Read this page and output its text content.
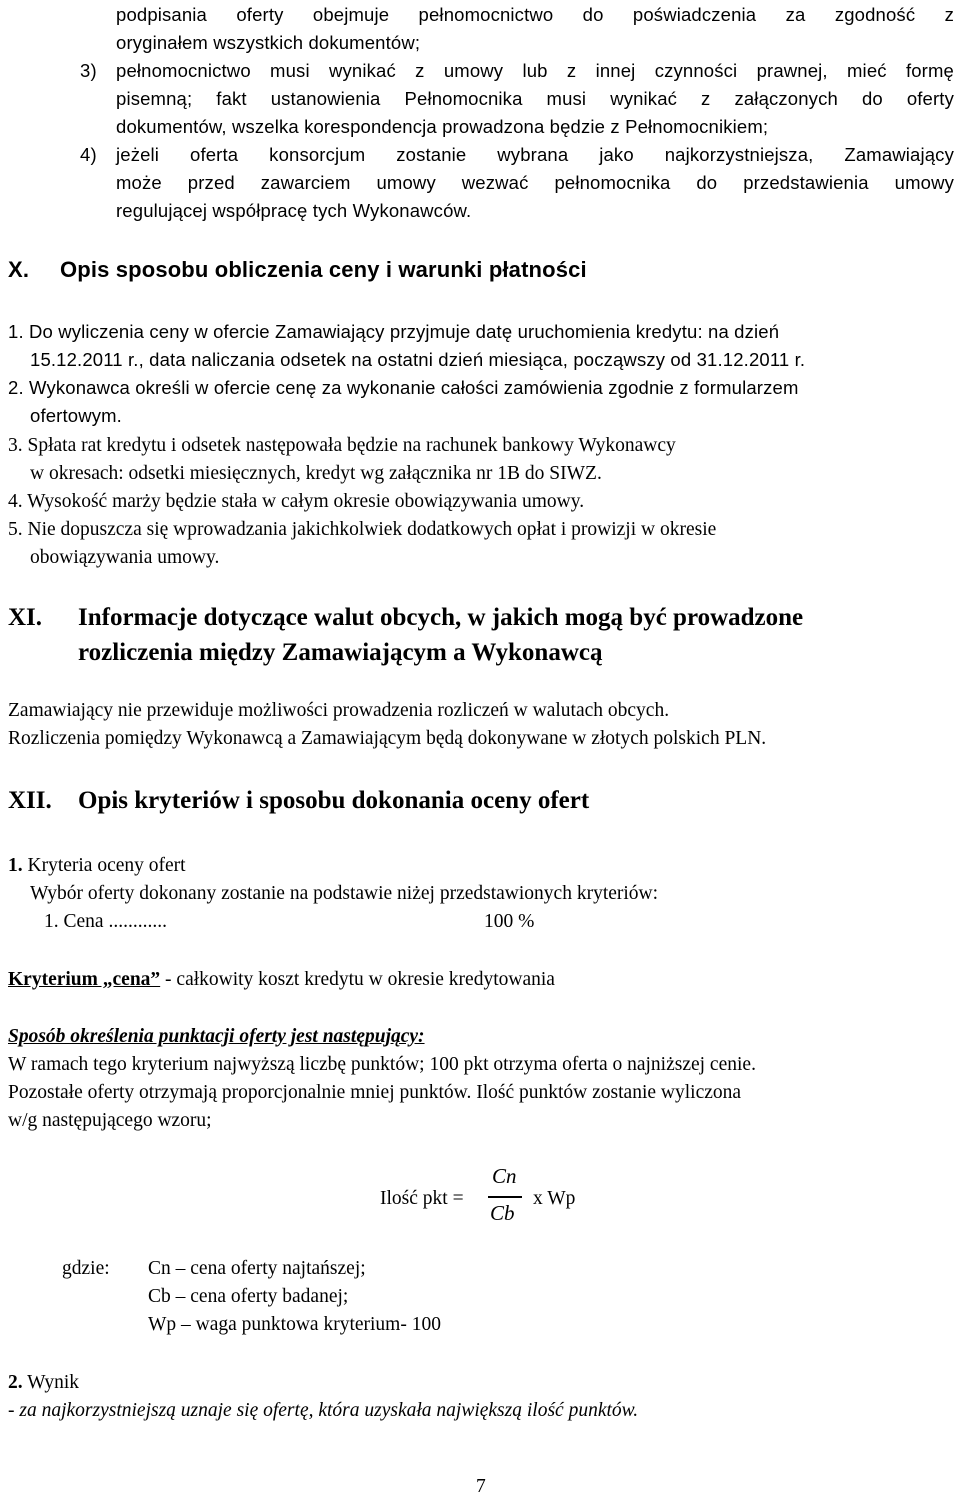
podpisania oferty obejmuje pełnomocnictwo do poświadczenia za zgodność z
oryginałem wszystkich dokumentów;
3) pełnomocnictwo musi wynikać z umowy lub z innej czynności prawnej, mieć formę
pisemną; fakt ustanowienia Pełnomocnika musi wynikać z załączonych do oferty
dokumentów, wszelka korespondencja prowadzona będzie z Pełnomocnikiem;
4) jeżeli oferta konsorcjum zostanie wybrana jako najkorzystniejsza, Zamawiający
może przed zawarciem umowy wezwać pełnomocnika do przedstawienia umowy
regulującej współpracę tych Wykonawców.
X. Opis sposobu obliczenia ceny i warunki płatności
1. Do wyliczenia ceny w ofercie Zamawiający przyjmuje datę uruchomienia kredytu: na dzień
15.12.2011 r., data naliczania odsetek na ostatni dzień miesiąca, począwszy od 31.12.2011 r.
2. Wykonawca określi w ofercie cenę za wykonanie całości zamówienia zgodnie z formularzem
ofertowym.
3. Spłata rat kredytu i odsetek następowała będzie na rachunek bankowy Wykonawcy
w okresach: odsetki miesięcznych, kredyt wg załącznika nr 1B do SIWZ.
4. Wysokość marży będzie stała w całym okresie obowiązywania umowy.
5. Nie dopuszcza się wprowadzania jakichkolwiek dodatkowych opłat i prowizji w okresie
obowiązywania umowy.
XI. Informacje dotyczące walut obcych, w jakich mogą być prowadzone
rozliczenia między Zamawiającym a Wykonawcą
Zamawiający nie przewiduje możliwości prowadzenia rozliczeń w walutach obcych.
Rozliczenia pomiędzy Wykonawcą a Zamawiającym będą dokonywane w złotych polskich PLN.
XII. Opis kryteriów i sposobu dokonania oceny ofert
1. Kryteria oceny ofert
Wybór oferty dokonany zostanie na podstawie niżej przedstawionych kryteriów:
1. Cena ............	100 %
Kryterium „cena” - całkowity koszt kredytu w okresie kredytowania
Sposób określenia punktacji oferty jest następujący:
W ramach tego kryterium najwyższą liczbę punktów; 100 pkt otrzyma oferta o najniższej cenie.
Pozostałe oferty otrzymają proporcjonalnie mniej punktów. Ilość punktów zostanie wyliczona
w/g następującego wzoru;
Ilość pkt =
Cn
Cb
x Wp
gdzie: Cn – cena oferty najtańszej;
Cb – cena oferty badanej;
Wp – waga punktowa kryterium- 100
2. Wynik
- za najkorzystniejszą uznaje się ofertę, która uzyskała największą ilość punktów.
7
